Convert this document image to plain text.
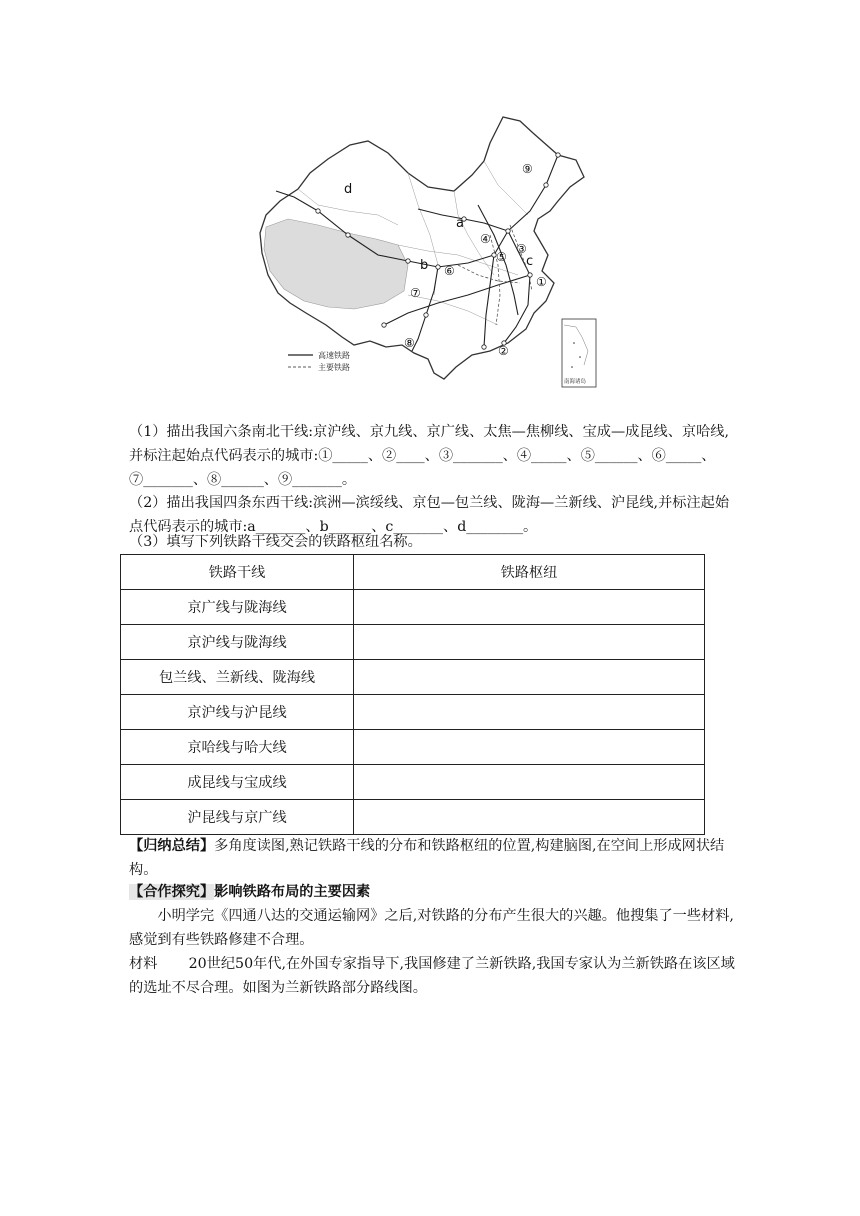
①
②
③
④
⑤
⑥
⑦
⑧
⑨
a
b	c
d
高速铁路
主要铁路
南海诸岛
（1）描出我国六条南北干线:京沪线、京九线、京广线、太焦—焦柳线、宝成—成昆线、京哈线,并标注起始点代码表示的城市:①_____、②____、③_______、④_____、⑤______、⑥_____、⑦_______、⑧______、⑨_______。
（2）描出我国四条东西干线:滨洲—滨绥线、京包—包兰线、陇海—兰新线、沪昆线,并标注起始点代码表示的城市:a_______、b______、c_______、d________。
（3）填写下列铁路干线交会的铁路枢纽名称。
铁路干线	铁路枢纽
京广线与陇海线	
京沪线与陇海线	
包兰线、兰新线、陇海线	
京沪线与沪昆线	
京哈线与哈大线	
成昆线与宝成线	
沪昆线与京广线	
【归纳总结】多角度读图,熟记铁路干线的分布和铁路枢纽的位置,构建脑图,在空间上形成网状结构。
【合作探究】影响铁路布局的主要因素
小明学完《四通八达的交通运输网》之后,对铁路的分布产生很大的兴趣。他搜集了一些材料,感觉到有些铁路修建不合理。
材料 20世纪50年代,在外国专家指导下,我国修建了兰新铁路,我国专家认为兰新铁路在该区域的选址不尽合理。如图为兰新铁路部分路线图。
